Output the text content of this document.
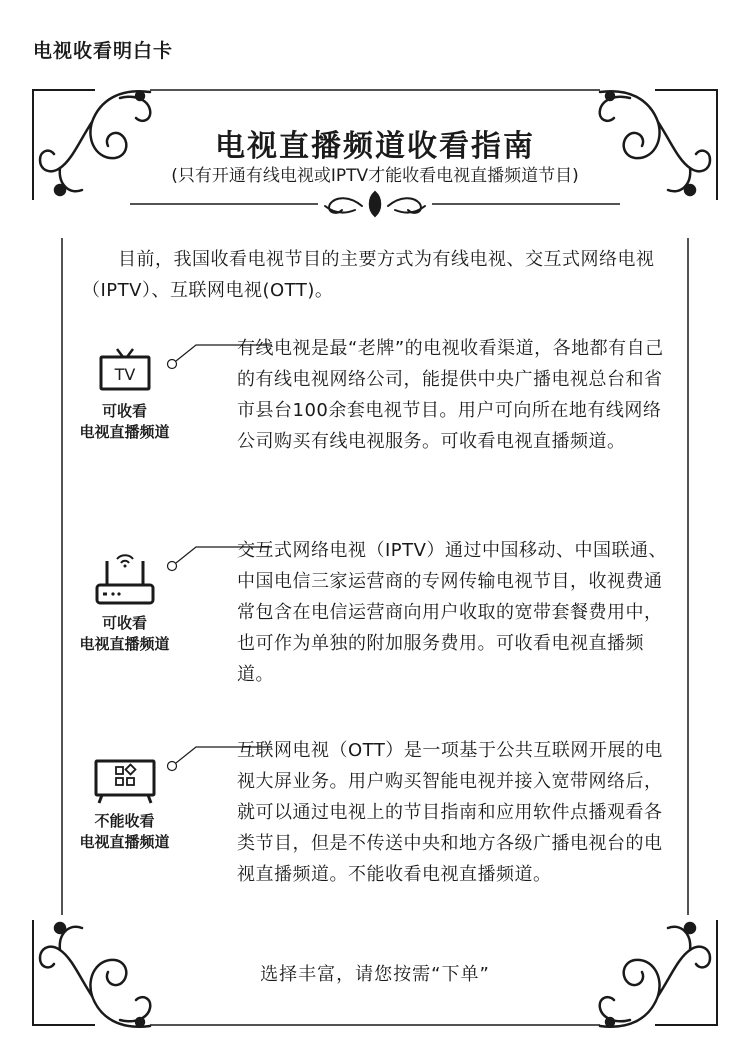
电视收看明白卡
电视直播频道收看指南
(只有开通有线电视或IPTV才能收看电视直播频道节目)
目前，我国收看电视节目的主要方式为有线电视、交互式网络电视（IPTV）、互联网电视(OTT)。
TV
可收看
电视直播频道
有线电视是最“老牌”的电视收看渠道，各地都有自己的有线电视网络公司，能提供中央广播电视总台和省市县台100余套电视节目。用户可向所在地有线网络公司购买有线电视服务。可收看电视直播频道。
可收看
电视直播频道
交互式网络电视（IPTV）通过中国移动、中国联通、中国电信三家运营商的专网传输电视节目，收视费通常包含在电信运营商向用户收取的宽带套餐费用中，也可作为单独的附加服务费用。可收看电视直播频道。
不能收看
电视直播频道
互联网电视（OTT）是一项基于公共互联网开展的电视大屏业务。用户购买智能电视并接入宽带网络后，就可以通过电视上的节目指南和应用软件点播观看各类节目，但是不传送中央和地方各级广播电视台的电视直播频道。不能收看电视直播频道。
选择丰富，请您按需“下单”
